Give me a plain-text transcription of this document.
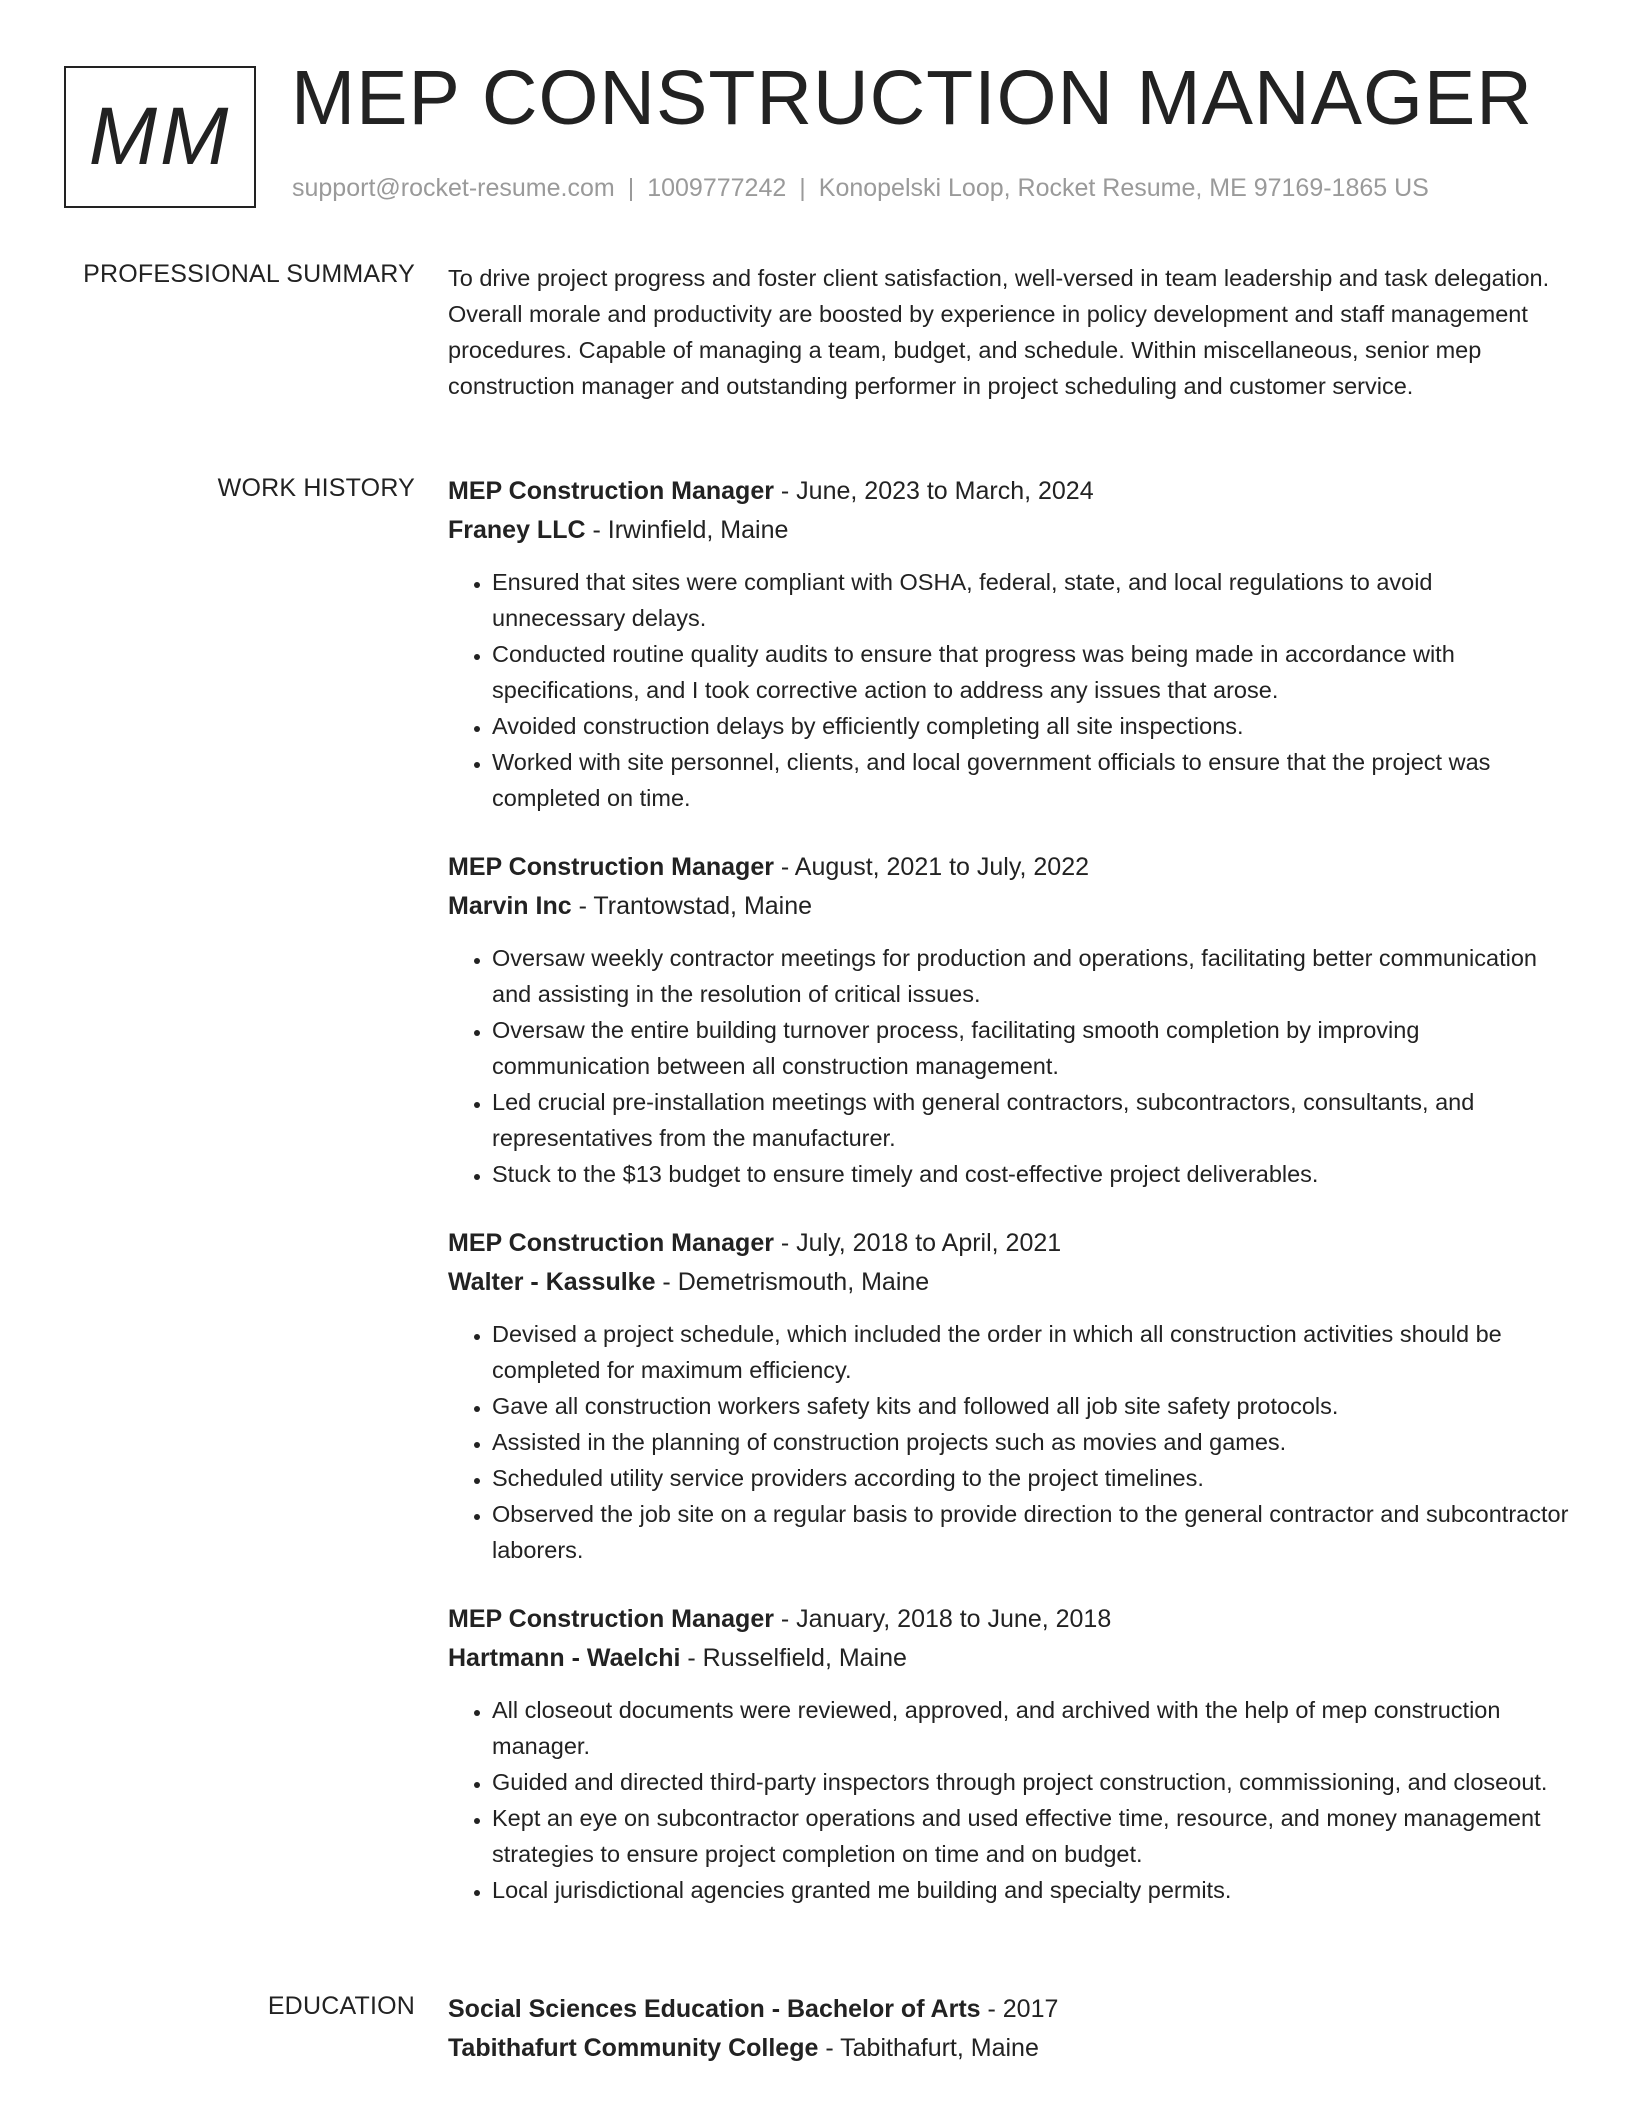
MM MEP CONSTRUCTION MANAGER
support@rocket-resume.com | 1009777242 | Konopelski Loop, Rocket Resume, ME 97169-1865 US
PROFESSIONAL SUMMARY To drive project progress and foster client satisfaction, well-versed in team leadership and task delegation. Overall morale and productivity are boosted by experience in policy development and staff management procedures. Capable of managing a team, budget, and schedule. Within miscellaneous, senior mep construction manager and outstanding performer in project scheduling and customer service.

WORK HISTORY MEP Construction Manager - June, 2023 to March, 2024
Franey LLC - Irwinfield, Maine
• Ensured that sites were compliant with OSHA, federal, state, and local regulations to avoid unnecessary delays.
• Conducted routine quality audits to ensure that progress was being made in accordance with specifications, and I took corrective action to address any issues that arose.
• Avoided construction delays by efficiently completing all site inspections.
• Worked with site personnel, clients, and local government officials to ensure that the project was completed on time.
MEP Construction Manager - August, 2021 to July, 2022
Marvin Inc - Trantowstad, Maine
• Oversaw weekly contractor meetings for production and operations, facilitating better communication and assisting in the resolution of critical issues.
• Oversaw the entire building turnover process, facilitating smooth completion by improving communication between all construction management.
• Led crucial pre-installation meetings with general contractors, subcontractors, consultants, and representatives from the manufacturer.
• Stuck to the $13 budget to ensure timely and cost-effective project deliverables.
MEP Construction Manager - July, 2018 to April, 2021
Walter - Kassulke - Demetrismouth, Maine
• Devised a project schedule, which included the order in which all construction activities should be completed for maximum efficiency.
• Gave all construction workers safety kits and followed all job site safety protocols.
• Assisted in the planning of construction projects such as movies and games.
• Scheduled utility service providers according to the project timelines.
• Observed the job site on a regular basis to provide direction to the general contractor and subcontractor laborers.
MEP Construction Manager - January, 2018 to June, 2018
Hartmann - Waelchi - Russelfield, Maine
• All closeout documents were reviewed, approved, and archived with the help of mep construction manager.
• Guided and directed third-party inspectors through project construction, commissioning, and closeout.
• Kept an eye on subcontractor operations and used effective time, resource, and money management strategies to ensure project completion on time and on budget.
• Local jurisdictional agencies granted me building and specialty permits.
EDUCATION Social Sciences Education - Bachelor of Arts - 2017
Tabithafurt Community College - Tabithafurt, Maine
